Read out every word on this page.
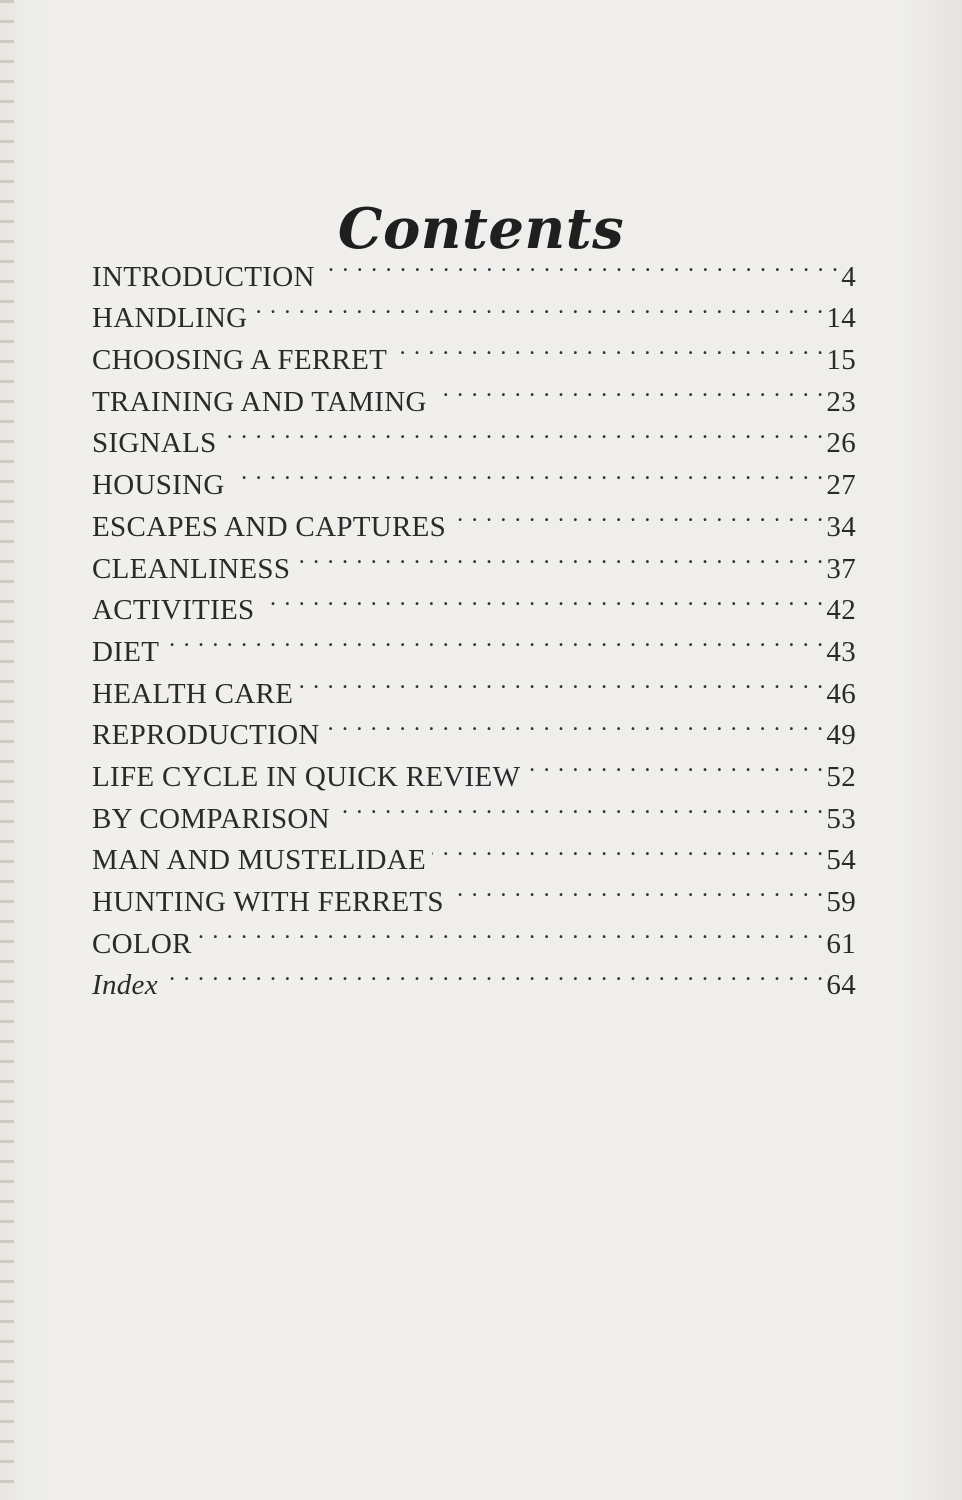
Contents
INTRODUCTION . . .	4
HANDLING . . .	14
CHOOSING A FERRET . . .	15
TRAINING AND TAMING . . .	23
SIGNALS . . .	26
HOUSING . . .	27
ESCAPES AND CAPTURES . . .	34
CLEANLINESS . . .	37
ACTIVITIES . . .	42
DIET . . .	43
HEALTH CARE . . .	46
REPRODUCTION . . .	49
LIFE CYCLE IN QUICK REVIEW . . .	52
BY COMPARISON . . .	53
MAN AND MUSTELIDAE . . .	54
HUNTING WITH FERRETS . . .	59
COLOR . . .	61
Index . . .	64
